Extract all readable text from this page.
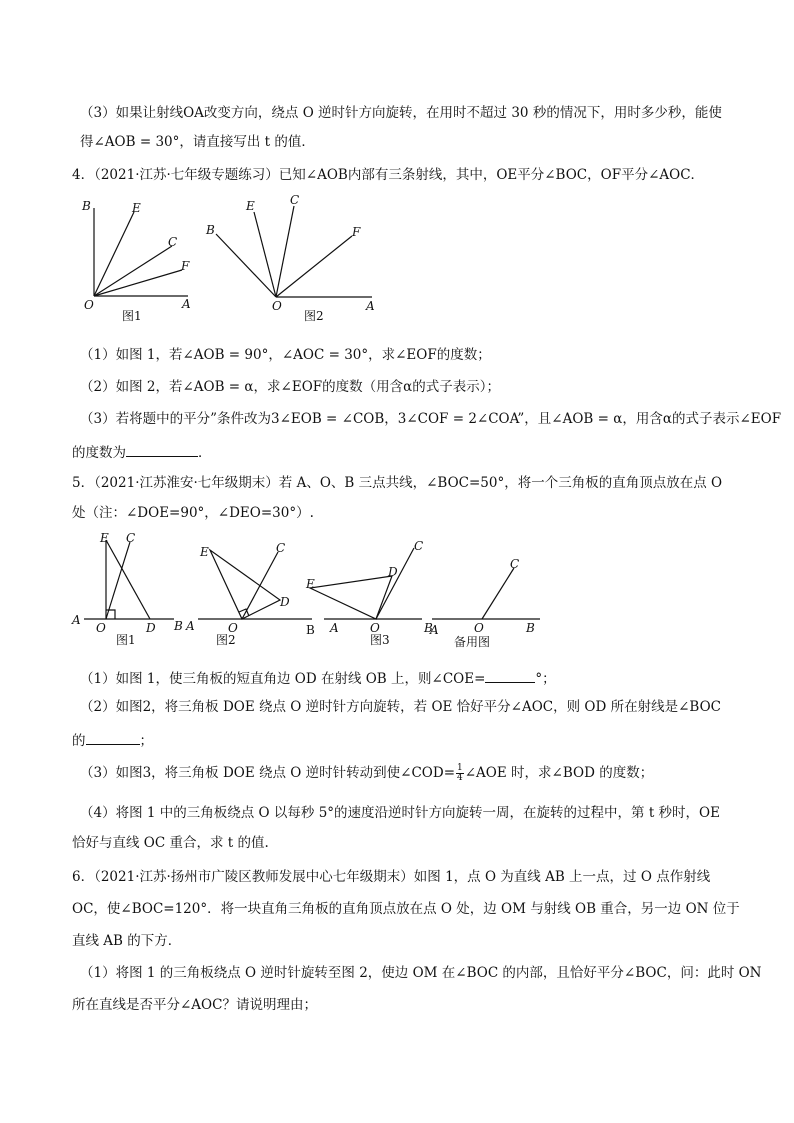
（3）如果让射线OA改变方向，绕点 O 逆时针方向旋转，在用时不超过 30 秒的情况下，用时多少秒，能使
得∠AOB = 30°，请直接写出 t 的值．
4．（2021·江苏·七年级专题练习）已知∠AOB内部有三条射线，其中，OE平分∠BOC，OF平分∠AOC．
B	E
C
F
O	A
图1
E	C
B	F
O	A
图2
（1）如图 1，若∠AOB = 90°，∠AOC = 30°，求∠EOF的度数；
（2）如图 2，若∠AOB = α，求∠EOF的度数（用含α的式子表示）；
（3）若将题中的平分”条件改为3∠EOB = ∠COB，3∠COF = 2∠COA”，且∠AOB = α，用含α的式子表示∠EOF
的度数为	．
5．（2021·江苏淮安·七年级期末）若 A、O、B 三点共线，∠BOC=50°，将一个三角板的直角顶点放在点 O
处（注：∠DOE=90°，∠DEO=30°）.
E C
A
O	D B
图1
E	C
D
A	O	B
图2
C
D
E
A	O	B
图3
C
A	O	B
备用图
（1）如图 1，使三角板的短直角边 OD 在射线 OB 上，则∠COE=	°；
（2）如图2，将三角板 DOE 绕点 O 逆时针方向旋转，若 OE 恰好平分∠AOC，则 OD 所在射线是∠BOC
的	；
（3）如图3，将三角板 DOE 绕点 O 逆时针转动到使∠COD= $\frac{1}{4}$ ∠AOE 时，求∠BOD 的度数；
（4）将图 1 中的三角板绕点 O 以每秒 5°的速度沿逆时针方向旋转一周，在旋转的过程中，第 t 秒时，OE
恰好与直线 OC 重合，求 t 的值.
6．（2021·江苏·扬州市广陵区教师发展中心七年级期末）如图 1，点 O 为直线 AB 上一点，过 O 点作射线
OC，使∠BOC=120°．将一块直角三角板的直角顶点放在点 O 处，边 OM 与射线 OB 重合，另一边 ON 位于
直线 AB 的下方．
（1）将图 1 的三角板绕点 O 逆时针旋转至图 2，使边 OM 在∠BOC 的内部，且恰好平分∠BOC，问：此时 ON
所在直线是否平分∠AOC？请说明理由；
